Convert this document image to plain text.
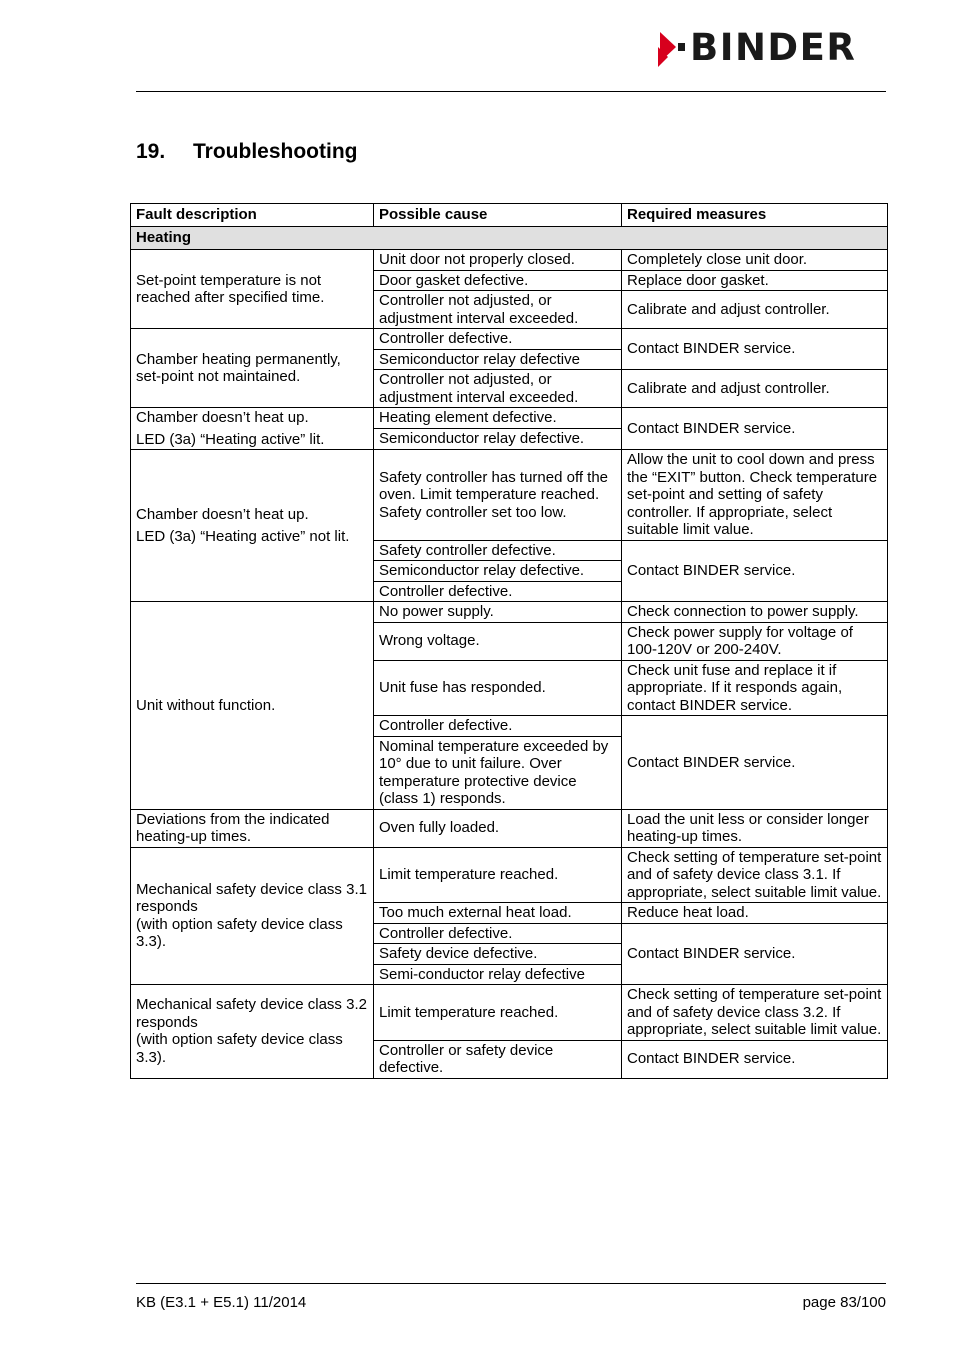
BINDER
19. Troubleshooting
Fault description	Possible cause	Required measures
Heating		
Set-point temperature is not reached after specified time.	Unit door not properly closed.	Completely close unit door.
	Door gasket defective.	Replace door gasket.
	Controller not adjusted, or adjustment interval exceeded.	Calibrate and adjust controller.
Chamber heating permanently, set-point not maintained.	Controller defective.	Contact BINDER service.
	Semiconductor relay defective	
	Controller not adjusted, or adjustment interval exceeded.	Calibrate and adjust controller.

Chamber doesn’t heat up.
LED (3a) “Heating active” lit.	Heating element defective.	Contact BINDER service.
	Semiconductor relay defective.	

Chamber doesn’t heat up.
LED (3a) “Heating active” not lit.	Safety controller has turned off the oven. Limit temperature reached. Safety controller set too low.	Allow the unit to cool down and press the “EXIT” button. Check temperature set-point and setting of safety controller. If appropriate, select suitable limit value.
	Safety controller defective.	Contact BINDER service.
	Semiconductor relay defective.	
	Controller defective.	
Unit without function.	No power supply.	Check connection to power supply.
	Wrong voltage.	Check power supply for voltage of 100-120V or 200-240V.
	Unit fuse has responded.	Check unit fuse and replace it if appropriate. If it responds again, contact BINDER service.
	Controller defective.	Contact BINDER service.
	Nominal temperature exceeded by 10° due to unit failure. Over temperature protective device (class 1) responds.	
Deviations from the indicated heating-up times.	Oven fully loaded.	Load the unit less or consider longer heating-up times.

Mechanical safety device class 3.1 responds
(with option safety device class 3.3).	Limit temperature reached.	Check setting of temperature set-point and of safety device class 3.1. If appropriate, select suitable limit value.
	Too much external heat load.	Reduce heat load.
	Controller defective.	Contact BINDER service.
	Safety device defective.	
	Semi-conductor relay defective	

Mechanical safety device class 3.2 responds
(with option safety device class 3.3).	Limit temperature reached.	Check setting of temperature set-point and of safety device class 3.2. If appropriate, select suitable limit value.
	Controller or safety device defective.	Contact BINDER service.
KB (E3.1 + E5.1) 11/2014	page 83/100
